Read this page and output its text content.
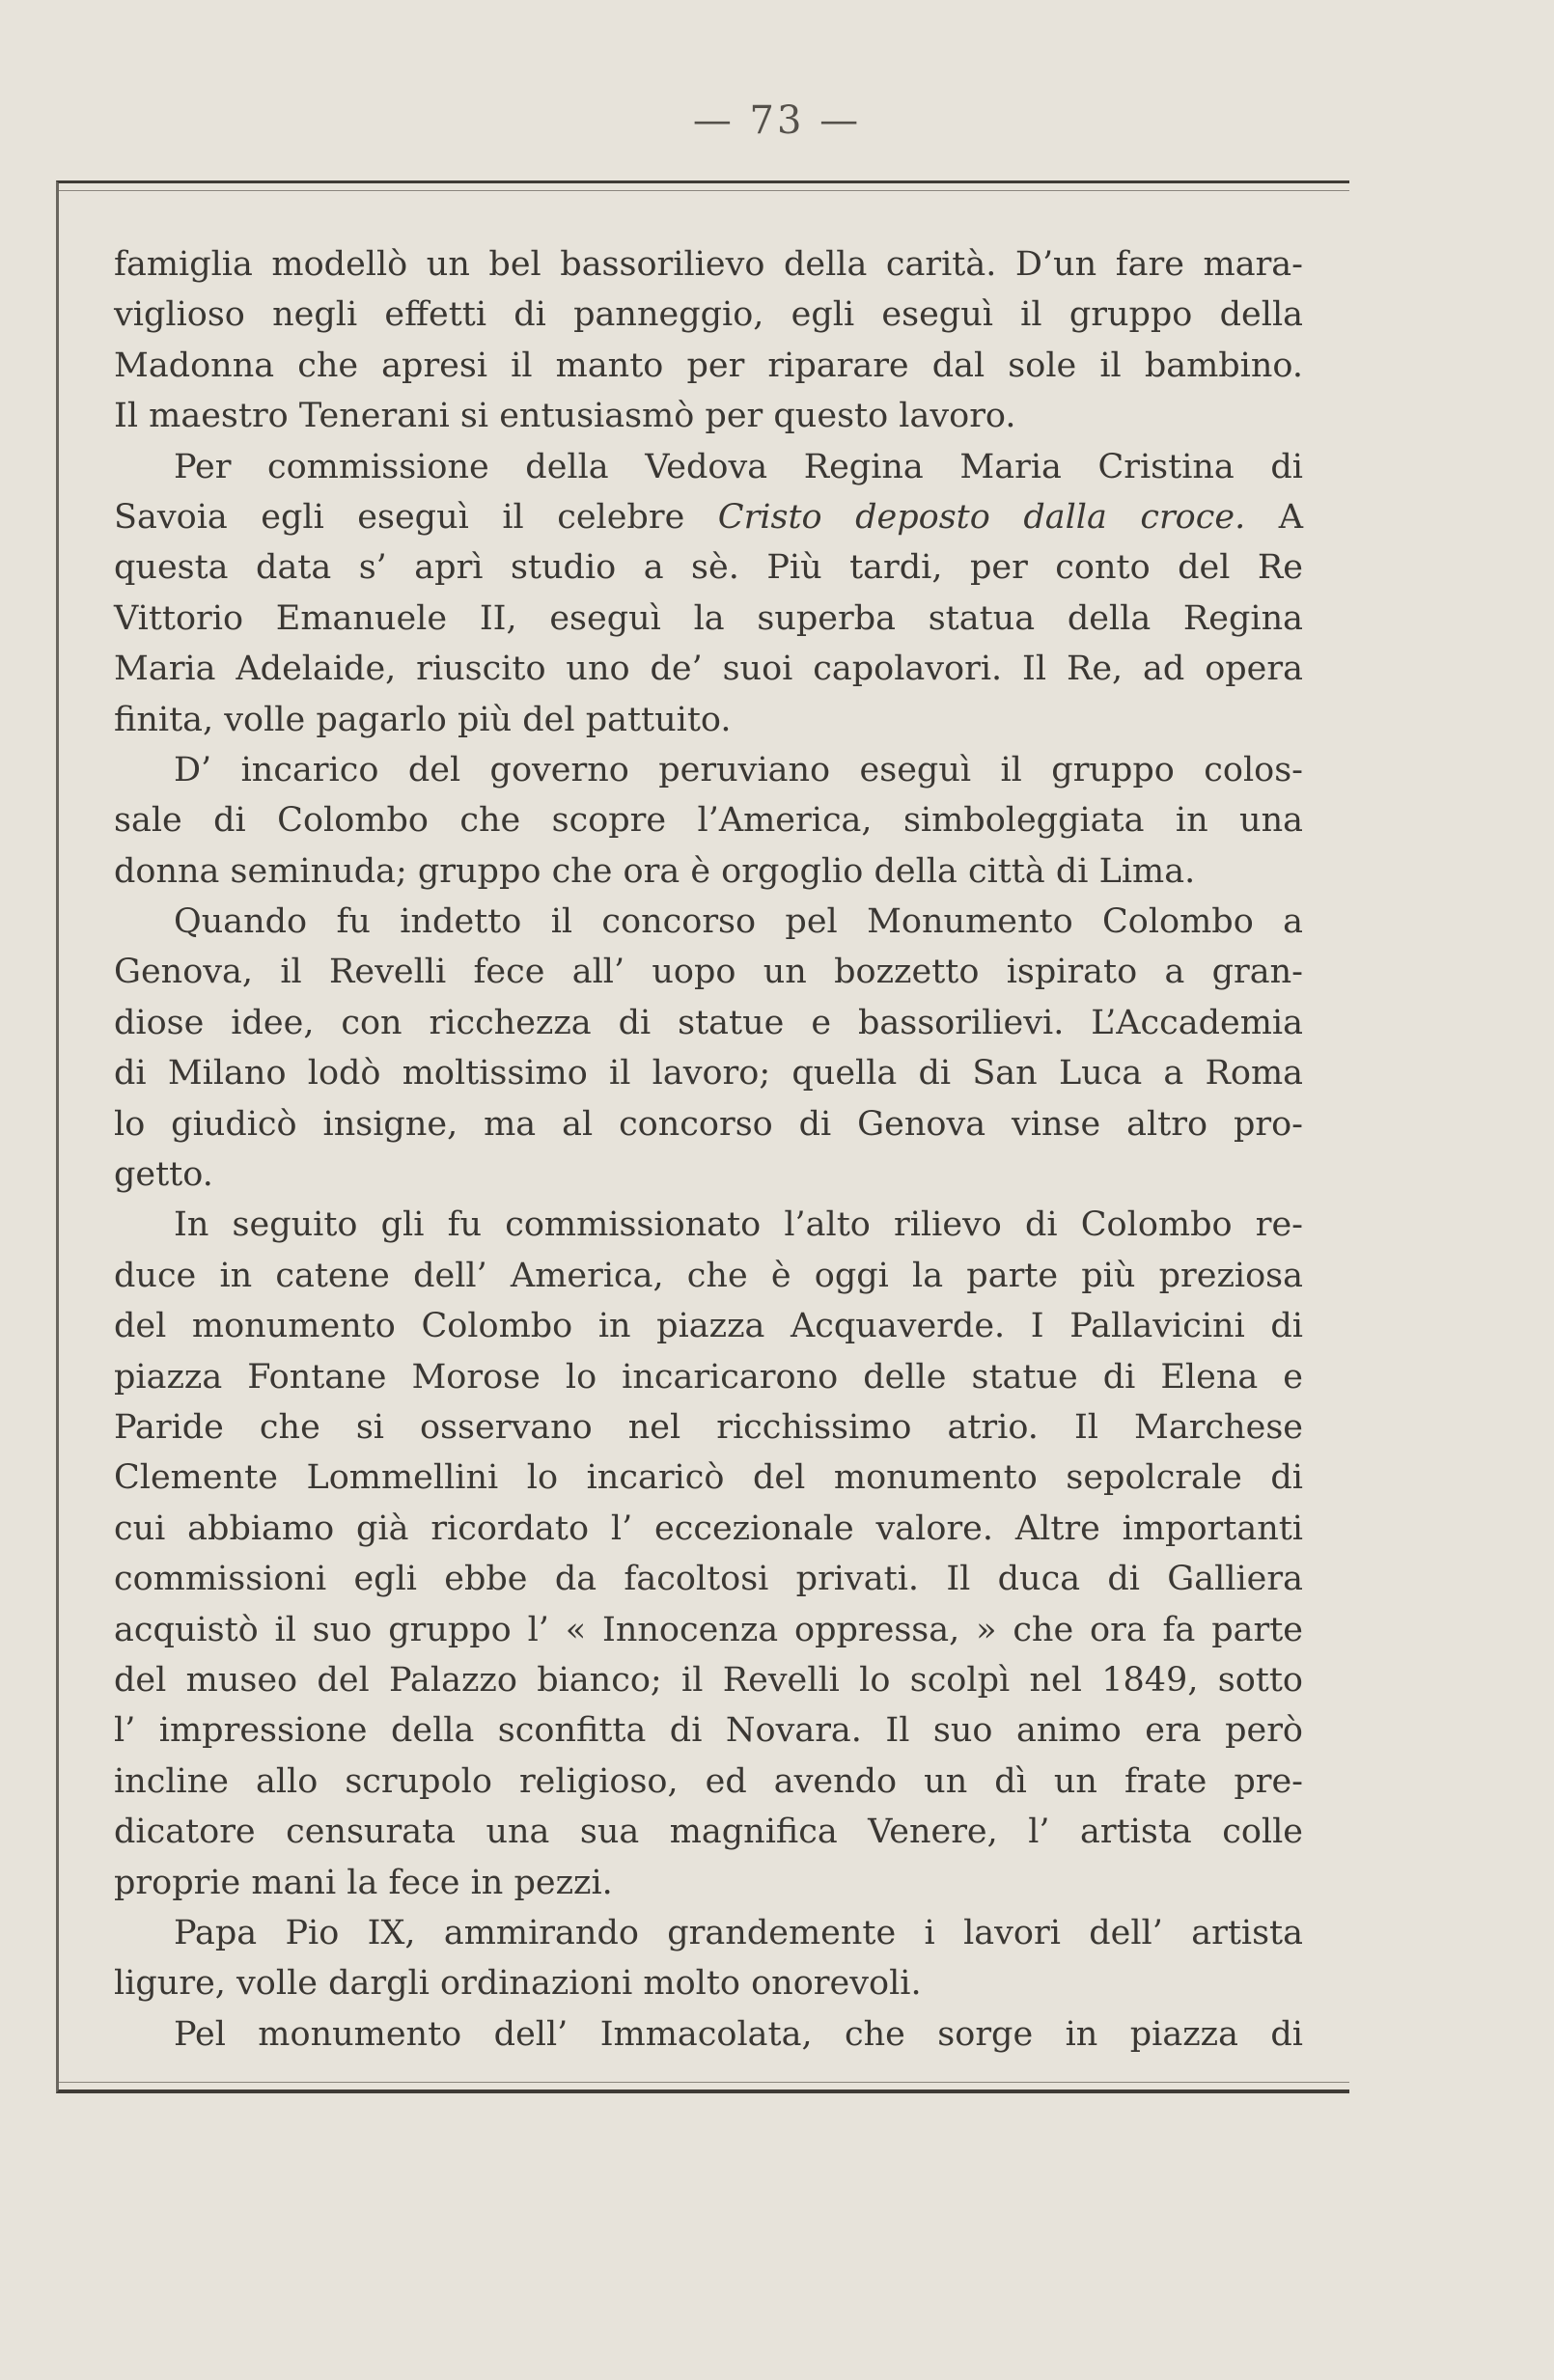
— 73 —
famiglia modellò un bel bassorilievo della carità. D’un fare mara-
viglioso negli effetti di panneggio, egli eseguì il gruppo della
Madonna che apresi il manto per riparare dal sole il bambino.
Il maestro Tenerani si entusiasmò per questo lavoro.
Per commissione della Vedova Regina Maria Cristina di
Savoia egli eseguì il celebre Cristo deposto dalla croce. A
questa data s’ aprì studio a sè. Più tardi, per conto del Re
Vittorio Emanuele II, eseguì la superba statua della Regina
Maria Adelaide, riuscito uno de’ suoi capolavori. Il Re, ad opera
finita, volle pagarlo più del pattuito.
D’ incarico del governo peruviano eseguì il gruppo colos-
sale di Colombo che scopre l’America, simboleggiata in una
donna seminuda; gruppo che ora è orgoglio della città di Lima.
Quando fu indetto il concorso pel Monumento Colombo a
Genova, il Revelli fece all’ uopo un bozzetto ispirato a gran-
diose idee, con ricchezza di statue e bassorilievi. L’Accademia
di Milano lodò moltissimo il lavoro; quella di San Luca a Roma
lo giudicò insigne, ma al concorso di Genova vinse altro pro-
getto.
In seguito gli fu commissionato l’alto rilievo di Colombo re-
duce in catene dell’ America, che è oggi la parte più preziosa
del monumento Colombo in piazza Acquaverde. I Pallavicini di
piazza Fontane Morose lo incaricarono delle statue di Elena e
Paride che si osservano nel ricchissimo atrio. Il Marchese
Clemente Lommellini lo incaricò del monumento sepolcrale di
cui abbiamo già ricordato l’ eccezionale valore. Altre importanti
commissioni egli ebbe da facoltosi privati. Il duca di Galliera
acquistò il suo gruppo l’ « Innocenza oppressa, » che ora fa parte
del museo del Palazzo bianco; il Revelli lo scolpì nel 1849, sotto
l’ impressione della sconfitta di Novara. Il suo animo era però
incline allo scrupolo religioso, ed avendo un dì un frate pre-
dicatore censurata una sua magnifica Venere, l’ artista colle
proprie mani la fece in pezzi.
Papa Pio IX, ammirando grandemente i lavori dell’ artista
ligure, volle dargli ordinazioni molto onorevoli.
Pel monumento dell’ Immacolata, che sorge in piazza di
